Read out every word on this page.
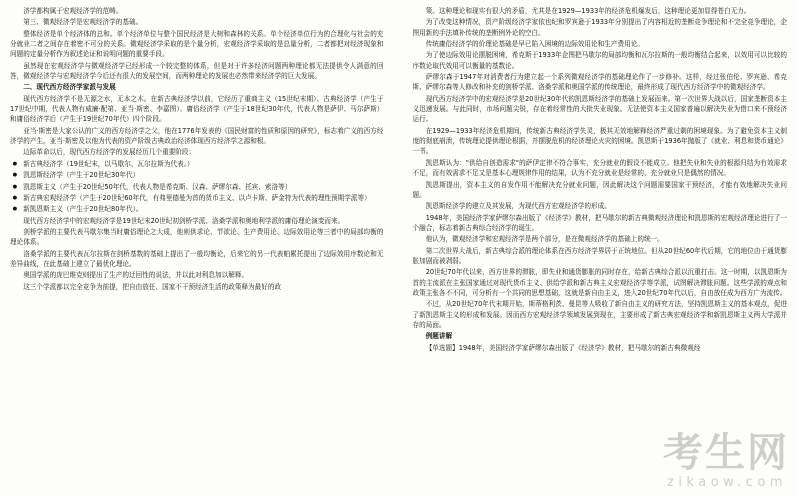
济学都构属于宏观经济学的范畴。

第三、微观经济学是宏观经济学的基础。

整体经济是单个经济体的总和。单个经济单位与整个国民经济是大树和森林的关系。单个经济单位行为的合理化与社会的充分就业二者之间存在着密不可分的关系。微观经济学采取的是个量分析，宏观经济学采取的是总量分析，二者都把对经济现象和问题的定量分析作为叙述论证和说明问题的重要手段。

虽然现在宏观经济学与微观经济学已经形成一个较完整的体系，但是对于许多经济问题两种理论都无法提供令人满意的回答，微观经济学与宏观经济学今后还有很大的发展空间，而两种理论的发展也必然带来经济学的巨大发展。

二、现代西方经济学家派与发展

现代西方经济学不是无源之水，无本之木。在新古典经济学以前，它经历了重商主义（15世纪末期）、古典经济学（产生于17世纪中期，代表人物有威廉·配第、亚当·斯密、李嘉图）、庸俗经济学（产生于18世纪30年代，代表人物是萨伊、马尔萨斯）和庸俗经济学后（产生于19世纪70年代）四个阶段。

亚当·斯密是大家公认的广义的西方经济学之父，他在1776年发表的《国民财富的性质和原因的研究》，标志着广义的西方经济学的产生。亚当·斯密及以他为代表的资产阶级古典政治经济体现西方经济学之源和根。

边际革命以后，现代西方经济学的发展经历几个重要阶段：

● 新古典经济学（19世纪末，以马歇尔、瓦尔拉斯为代表。）

● 凯恩斯经济学（产生于20世纪30年代）

● 凯恩斯主义（产生于20世纪50年代，代表人物是希克斯、汉森、萨缪尔森、托宾、索洛等）

● 新古典宏观经济学（产生于20世纪60年代，有弗里德曼为首的货币主义、以卢卡斯、萨金特为代表的理性预期学派等）

● 新凯恩斯主义（产生于20世纪80年代）。

现代西方经济学中的宏观经济学是19世纪末20世纪初剑桥学派、洛桑学派和奥地利学派的庸俗理论演变而来。

剑桥学派的主要代表马歇尔集当时庸俗理论之大成，他则供求论、节欲论、生产费用论、边际效用论等三者中的局部均衡的理论体系。

洛桑学派的主要代表瓦尔拉斯在剑桥基数的基础上提出了一般均衡论，后来它的另一代表帕累托提出了边际效用序数论和无差异曲线，在此基础上建立了最优化理论。

奥国学派的庞巴维克则提出了生产的迂回性的说法，并以此对利息加以解释。

这三个学派都以完全竞争为前提，把自由放任、国家不干预经济生活的政策释为最好的政

策。这种理论和现实有很大的矛盾，尤其是在1929—1933年的经济危机爆发后，这种理论更加显得苍白无力。

为了改变这种情况，资产阶级经济学家依也纪和罗宾逊于1933年分别提出了内容相近的垄断竞争理论和不完全竞争理论，企图用新的手法填补传统的垄断例外论的空白。

传统庸俗经济学的价理论基础是早已陷入困境的边际效用论和生产费用论。

为了使边际效用论摆脱困境，希克斯于1933年企图把马歇尔的局部均衡和瓦尔拉斯的一般均衡结合起来，以效用可以比较的序数论取代效用可以衡量的基数论。

萨缪尔森于1947年对消费者行为建立起一个系列微观经济学的基础理论作了一步修补。这样，经过张伯伦、罗宾逊、希克斯、萨缪尔森等人修改和补充的剑桥学派、洛桑学派和奥国学派的传统理论，最终形成了现代西方经济学中的微观经济学。

现代西方经济学中的宏观经济学是20世纪30年代的凯恩斯经济学的基础上发展而来。第一次世界大战以后，国家垄断资本主义迅速发展。与此同时，市场问题尖锐，存在着经常性的大批失业现象。无法使资本主义国家普遍以解决失业为借口来不预经济运行。

在1929—1933年经济危机期间，传统新古典经济学失灵，极其无效地解释经济严重过剩的困境现象。为了避免资本主义制度的彻底崩溃，传统理论提供理论根据，并摆脱危机的经济理论火灾的困境。凯恩斯于1936年抛版了《就业、利息和货币通论》一书。

凯恩斯认为："供给自创造需求"的萨伊定律不符合事实，充分就业的假设不能成立。他把失业和失业的根源归结为有效需求不足，而有效需求不足又是基本心理规律作用的结果，认为不充分就业是经常的，充分就业只是偶然的情况。

凯恩斯提出，资本主义的自发作用不能解决充分就业问题，因此解决这个问题需要国家干预经济，才能有效地解决失业问题。

凯恩斯经济学的建立及其发展，为现代西方宏观经济学的形成。

1948年，美国经济学家萨缪尔森出版了《经济学》教材，把马歇尔的新古典微观经济理论和凯恩斯的宏观经济理论进行了一个融合，标志着新古典综合经济学的诞生。

他认为，微观经济学和宏观经济学是两个部分，是在微观经济学的基础上的统一。

第二次世界大战后，新古典综合派的理论体系在西方经济学界居于正统地位。但从20世纪60年代后期，它的地位由于通货膨胀加剧而被剥弱。

20世纪70年代以来，西方世界的滞胀，即失业和通货膨胀的同时存在，给新古典综合派以沉重打击。这一时期，以凯恩斯为首的主流派在主张国家通过对现代货币主义、供给学派和新古典主义宏观经济学等学派，试图解决滞胀问题。这些学派的观点和政策主张各不不同，可分析有一个共同的思想基础，这就是新自由主义，进入20世纪70年代以后，自由放任成为西方广为流传。

不过，从20世纪70年代末期开始，斯蒂格利茨、曼昆等人吸收了新自由主义的研究方法，坚持凯恩斯主义的基本观点，促进了新凯恩斯主义的形成和发展。因而西方宏观经济学领域发展到现在，主要形成了新古典宏观经济学和新凯恩斯主义两大学派并存的局面。

例题讲解

【单选题】1948年，美国经济学家萨缪尔森出版了《经济学》教材，把马歇尔的新古典微观经

考生网
zikaow.com
